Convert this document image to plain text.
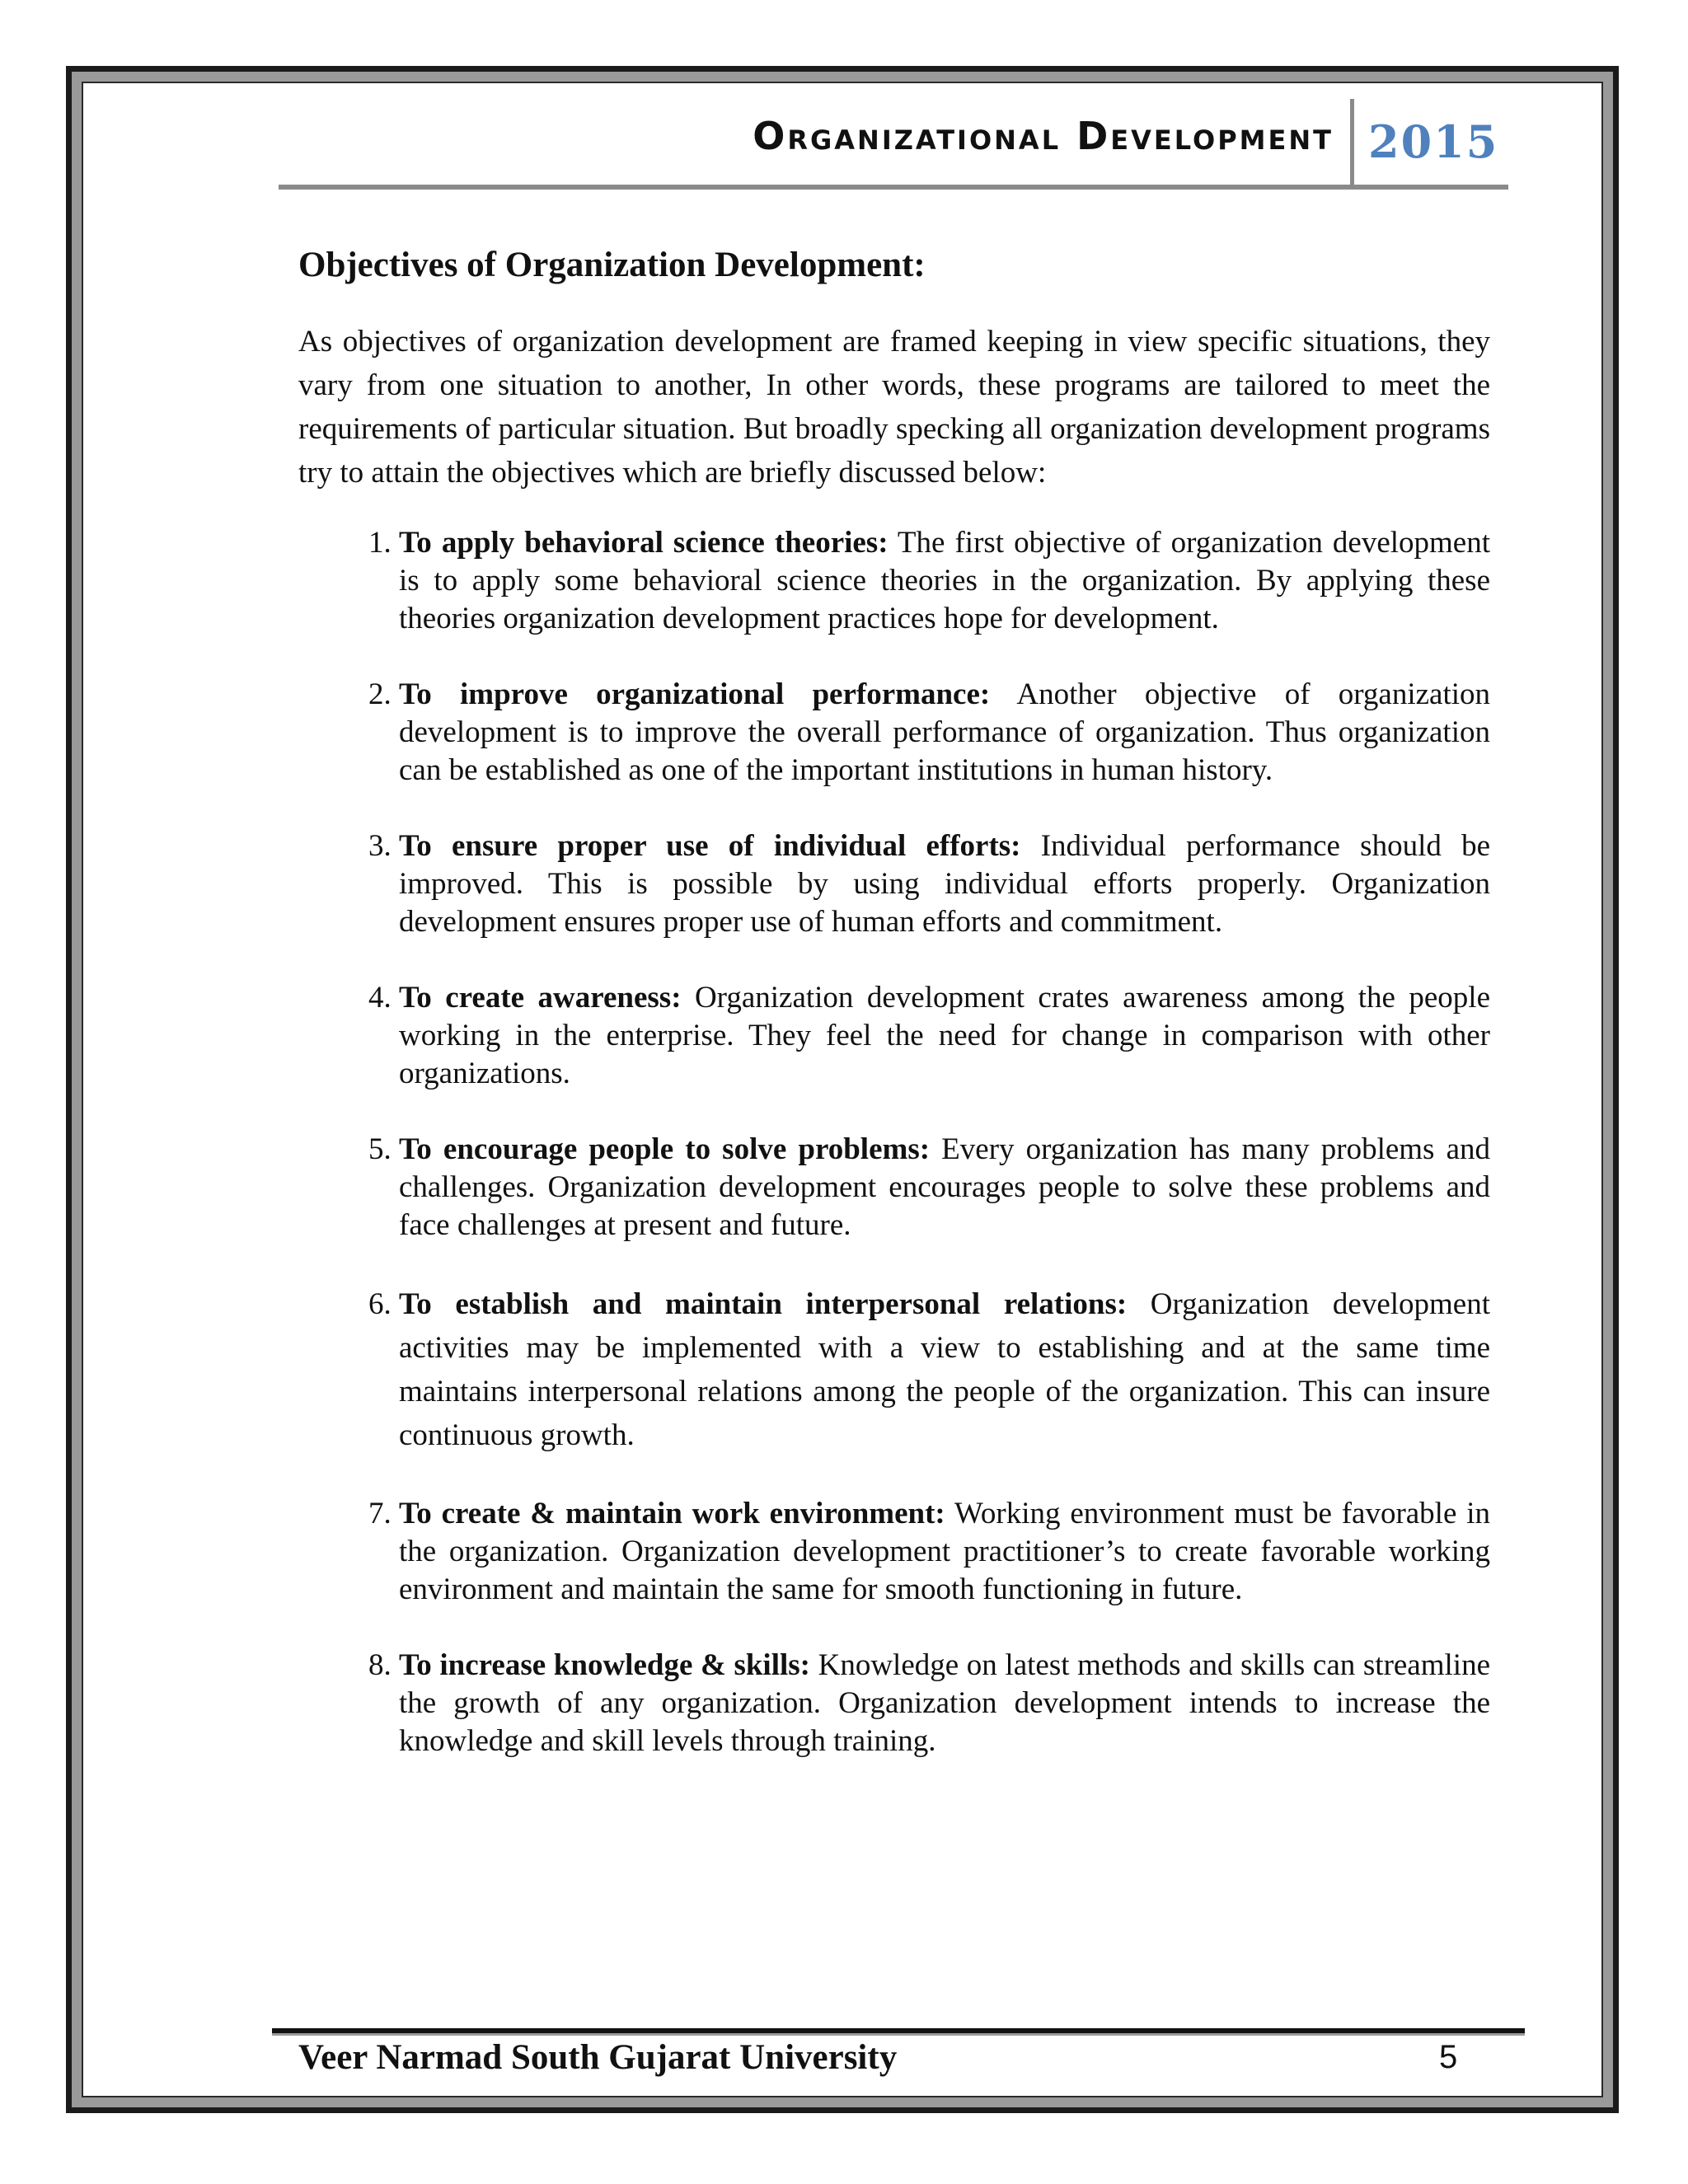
Organizational Development 2015
Objectives of Organization Development:

As objectives of organization development are framed keeping in view specific situations, they vary from one situation to another, In other words, these programs are tailored to meet the requirements of particular situation. But broadly specking all organization development programs try to attain the objectives which are briefly discussed below:

1. To apply behavioral science theories: The first objective of organization development is to apply some behavioral science theories in the organization. By applying these theories organization development practices hope for development.
2. To improve organizational performance: Another objective of organization development is to improve the overall performance of organization. Thus organization can be established as one of the important institutions in human history.
3. To ensure proper use of individual efforts: Individual performance should be improved. This is possible by using individual efforts properly. Organization development ensures proper use of human efforts and commitment.
4. To create awareness: Organization development crates awareness among the people working in the enterprise. They feel the need for change in comparison with other organizations.
5. To encourage people to solve problems: Every organization has many problems and challenges. Organization development encourages people to solve these problems and face challenges at present and future.
6. To establish and maintain interpersonal relations: Organization development activities may be implemented with a view to establishing and at the same time maintains interpersonal relations among the people of the organization. This can insure continuous growth.
7. To create & maintain work environment: Working environment must be favorable in the organization. Organization development practitioner’s to create favorable working environment and maintain the same for smooth functioning in future.
8. To increase knowledge & skills: Knowledge on latest methods and skills can streamline the growth of any organization. Organization development intends to increase the knowledge and skill levels through training.
Veer Narmad South Gujarat University	5
